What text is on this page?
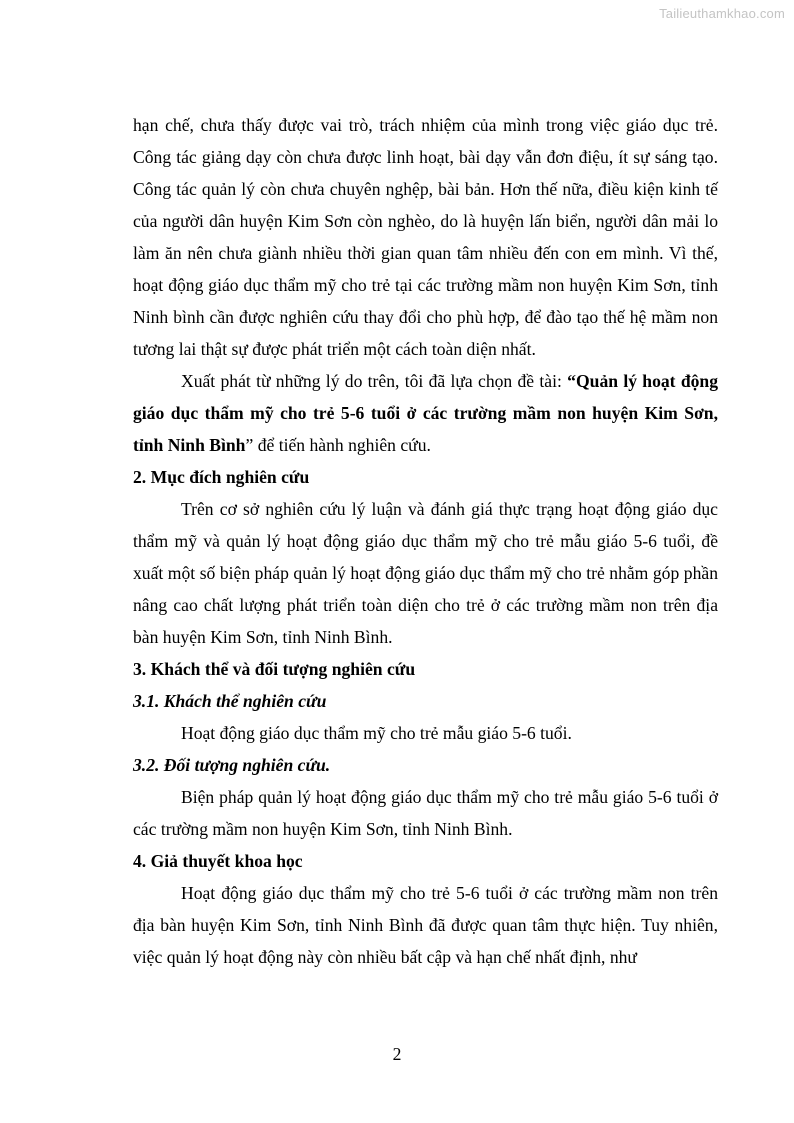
Tailieuthamkhao.com

hạn chế, chưa thấy được vai trò, trách nhiệm của mình trong việc giáo dục trẻ. Công tác giảng dạy còn chưa được linh hoạt, bài dạy vẫn đơn điệu, ít sự sáng tạo. Công tác quản lý còn chưa chuyên nghệp, bài bản. Hơn thế nữa, điều kiện kinh tế của người dân huyện Kim Sơn còn nghèo, do là huyện lấn biển, người dân mải lo làm ăn nên chưa giành nhiều thời gian quan tâm nhiều đến con em mình. Vì thế, hoạt động giáo dục thẩm mỹ cho trẻ tại các trường mầm non huyện Kim Sơn, tỉnh Ninh bình cần được nghiên cứu thay đổi cho phù hợp, để đào tạo thế hệ mầm non tương lai thật sự được phát triển một cách toàn diện nhất.

Xuất phát từ những lý do trên, tôi đã lựa chọn đề tài: “Quản lý hoạt động giáo dục thẩm mỹ cho trẻ 5-6 tuổi ở các trường mầm non huyện Kim Sơn, tỉnh Ninh Bình” để tiến hành nghiên cứu.

2. Mục đích nghiên cứu

Trên cơ sở nghiên cứu lý luận và đánh giá thực trạng hoạt động giáo dục thẩm mỹ và quản lý hoạt động giáo dục thẩm mỹ cho trẻ mẫu giáo 5-6 tuổi, đề xuất một số biện pháp quản lý hoạt động giáo dục thẩm mỹ cho trẻ nhằm góp phần nâng cao chất lượng phát triển toàn diện cho trẻ ở các trường mầm non trên địa bàn huyện Kim Sơn, tỉnh Ninh Bình.

3. Khách thể và đối tượng nghiên cứu

3.1. Khách thể nghiên cứu

Hoạt động giáo dục thẩm mỹ cho trẻ mẫu giáo 5-6 tuổi.

3.2. Đối tượng nghiên cứu.

Biện pháp quản lý hoạt động giáo dục thẩm mỹ cho trẻ mẫu giáo 5-6 tuổi ở các trường mầm non huyện Kim Sơn, tỉnh Ninh Bình.

4. Giả thuyết khoa học

Hoạt động giáo dục thẩm mỹ cho trẻ 5-6 tuổi ở các trường mầm non trên địa bàn huyện Kim Sơn, tỉnh Ninh Bình đã được quan tâm thực hiện. Tuy nhiên, việc quản lý hoạt động này còn nhiều bất cập và hạn chế nhất định, như

2
